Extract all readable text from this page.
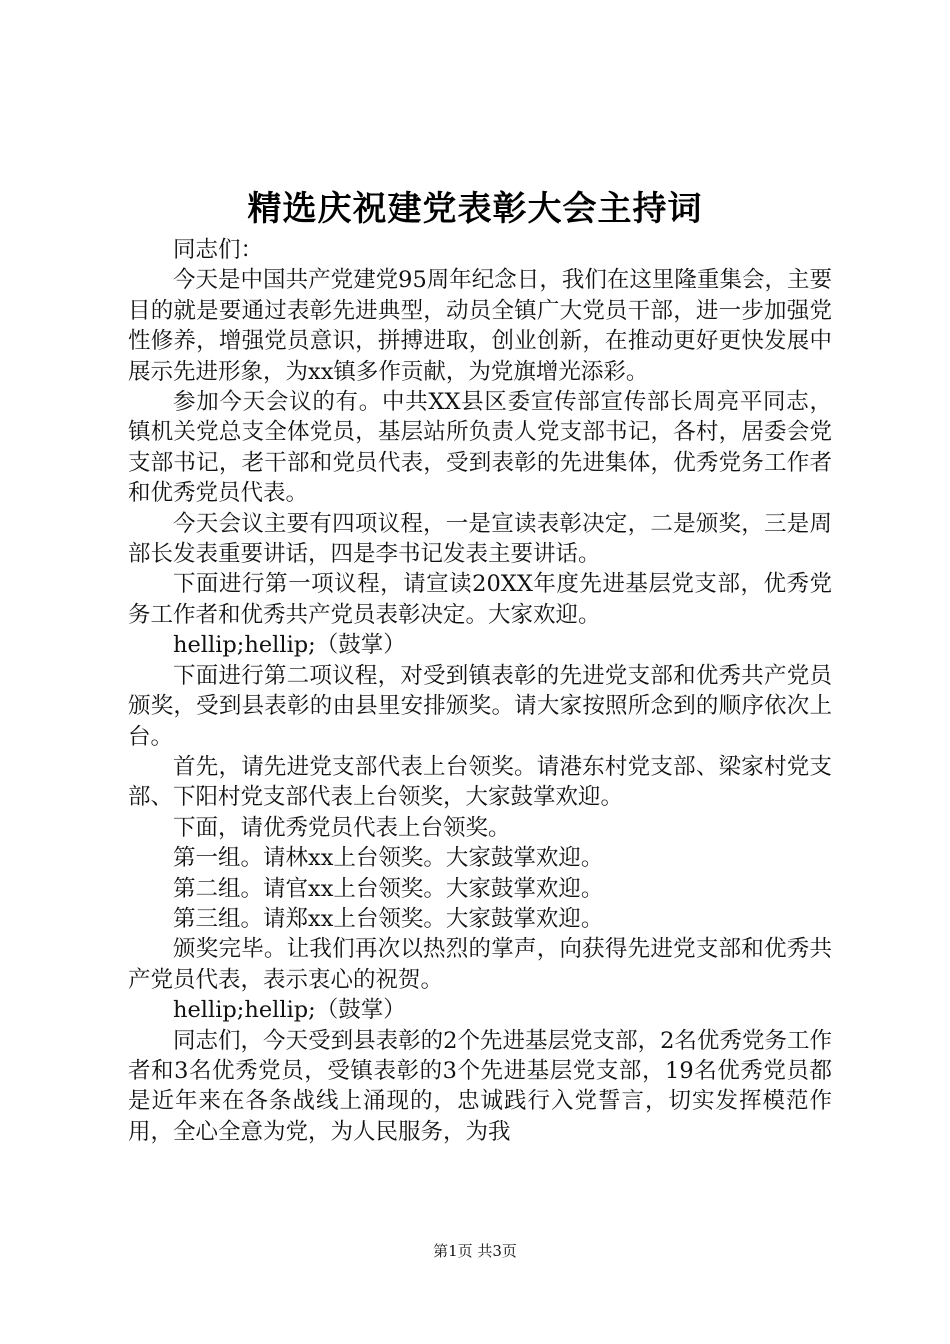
精选庆祝建党表彰大会主持词

同志们：

今天是中国共产党建党95周年纪念日，我们在这里隆重集会，主要目的就是要通过表彰先进典型，动员全镇广大党员干部，进一步加强党性修养，增强党员意识，拼搏进取，创业创新，在推动更好更快发展中展示先进形象，为xx镇多作贡献，为党旗增光添彩。

参加今天会议的有。中共XX县区委宣传部宣传部长周亮平同志，镇机关党总支全体党员，基层站所负责人党支部书记，各村，居委会党支部书记，老干部和党员代表，受到表彰的先进集体，优秀党务工作者和优秀党员代表。

今天会议主要有四项议程，一是宣读表彰决定，二是颁奖，三是周部长发表重要讲话，四是李书记发表主要讲话。

下面进行第一项议程，请宣读20XX年度先进基层党支部，优秀党务工作者和优秀共产党员表彰决定。大家欢迎。

hellip;hellip;（鼓掌）

下面进行第二项议程，对受到镇表彰的先进党支部和优秀共产党员颁奖，受到县表彰的由县里安排颁奖。请大家按照所念到的顺序依次上台。

首先，请先进党支部代表上台领奖。请港东村党支部、梁家村党支部、下阳村党支部代表上台领奖，大家鼓掌欢迎。

下面，请优秀党员代表上台领奖。

第一组。请林xx上台领奖。大家鼓掌欢迎。

第二组。请官xx上台领奖。大家鼓掌欢迎。

第三组。请郑xx上台领奖。大家鼓掌欢迎。

颁奖完毕。让我们再次以热烈的掌声，向获得先进党支部和优秀共产党员代表，表示衷心的祝贺。

hellip;hellip;（鼓掌）

同志们，今天受到县表彰的2个先进基层党支部，2名优秀党务工作者和3名优秀党员，受镇表彰的3个先进基层党支部，19名优秀党员都是近年来在各条战线上涌现的，忠诚践行入党誓言，切实发挥模范作用，全心全意为党，为人民服务，为我

第1页 共3页
